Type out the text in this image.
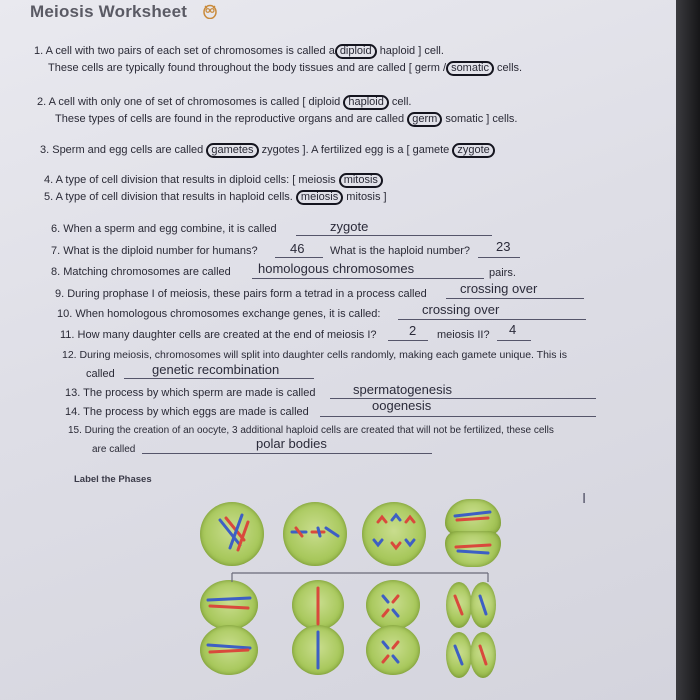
Meiosis Worksheet
1. A cell with two pairs of each set of chromosomes is called a diploid haploid ] cell.
These cells are typically found throughout the body tissues and are called [ germ / somatic cells.
2. A cell with only one of set of chromosomes is called [ diploid haploid cell.
These types of cells are found in the reproductive organs and are called germ somatic ] cells.
3. Sperm and egg cells are called gametes zygotes ]. A fertilized egg is a [ gamete zygote
4. A type of cell division that results in diploid cells: [ meiosis mitosis
5. A type of cell division that results in haploid cells. meiosis mitosis ]
6. When a sperm and egg combine, it is called	zygote
7. What is the diploid number for humans? 46 What is the haploid number? 23
8. Matching chromosomes are called homologous chromosomes	pairs.
9. During prophase I of meiosis, these pairs form a tetrad in a process called	crossing over
10. When homologous chromosomes exchange genes, it is called:	crossing over
11. How many daughter cells are created at the end of meiosis I? 2 meiosis II? 4
12. During meiosis, chromosomes will split into daughter cells randomly, making each gamete unique. This is
called	genetic recombination
13. The process by which sperm are made is called	spermatogenesis
14. The process by which eggs are made is called	oogenesis
15. During the creation of an oocyte, 3 additional haploid cells are created that will not be fertilized, these cells
are called	polar bodies
Label the Phases
I
